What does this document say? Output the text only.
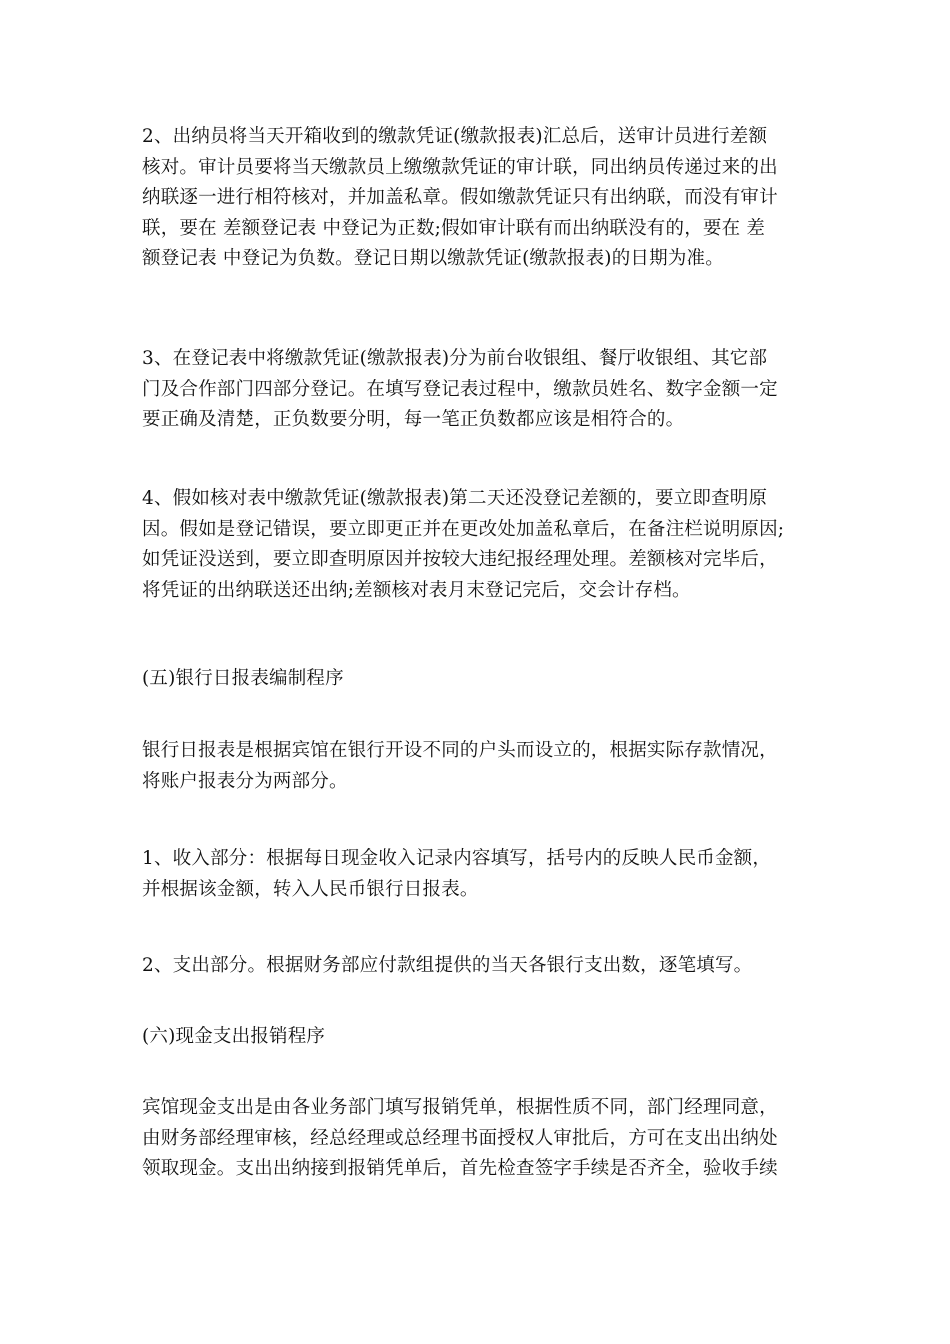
2、出纳员将当天开箱收到的缴款凭证(缴款报表)汇总后，送审计员进行差额
核对。审计员要将当天缴款员上缴缴款凭证的审计联，同出纳员传递过来的出
纳联逐一进行相符核对，并加盖私章。假如缴款凭证只有出纳联，而没有审计
联，要在 差额登记表 中登记为正数;假如审计联有而出纳联没有的，要在 差
额登记表 中登记为负数。登记日期以缴款凭证(缴款报表)的日期为准。

3、在登记表中将缴款凭证(缴款报表)分为前台收银组、餐厅收银组、其它部
门及合作部门四部分登记。在填写登记表过程中，缴款员姓名、数字金额一定
要正确及清楚，正负数要分明，每一笔正负数都应该是相符合的。

4、假如核对表中缴款凭证(缴款报表)第二天还没登记差额的，要立即查明原
因。假如是登记错误，要立即更正并在更改处加盖私章后，在备注栏说明原因;
如凭证没送到，要立即查明原因并按较大违纪报经理处理。差额核对完毕后，
将凭证的出纳联送还出纳;差额核对表月末登记完后，交会计存档。

(五)银行日报表编制程序

银行日报表是根据宾馆在银行开设不同的户头而设立的，根据实际存款情况，
将账户报表分为两部分。

1、收入部分：根据每日现金收入记录内容填写，括号内的反映人民币金额，
并根据该金额，转入人民币银行日报表。

2、支出部分。根据财务部应付款组提供的当天各银行支出数，逐笔填写。

(六)现金支出报销程序

宾馆现金支出是由各业务部门填写报销凭单，根据性质不同，部门经理同意，
由财务部经理审核，经总经理或总经理书面授权人审批后，方可在支出出纳处
领取现金。支出出纳接到报销凭单后，首先检查签字手续是否齐全，验收手续
